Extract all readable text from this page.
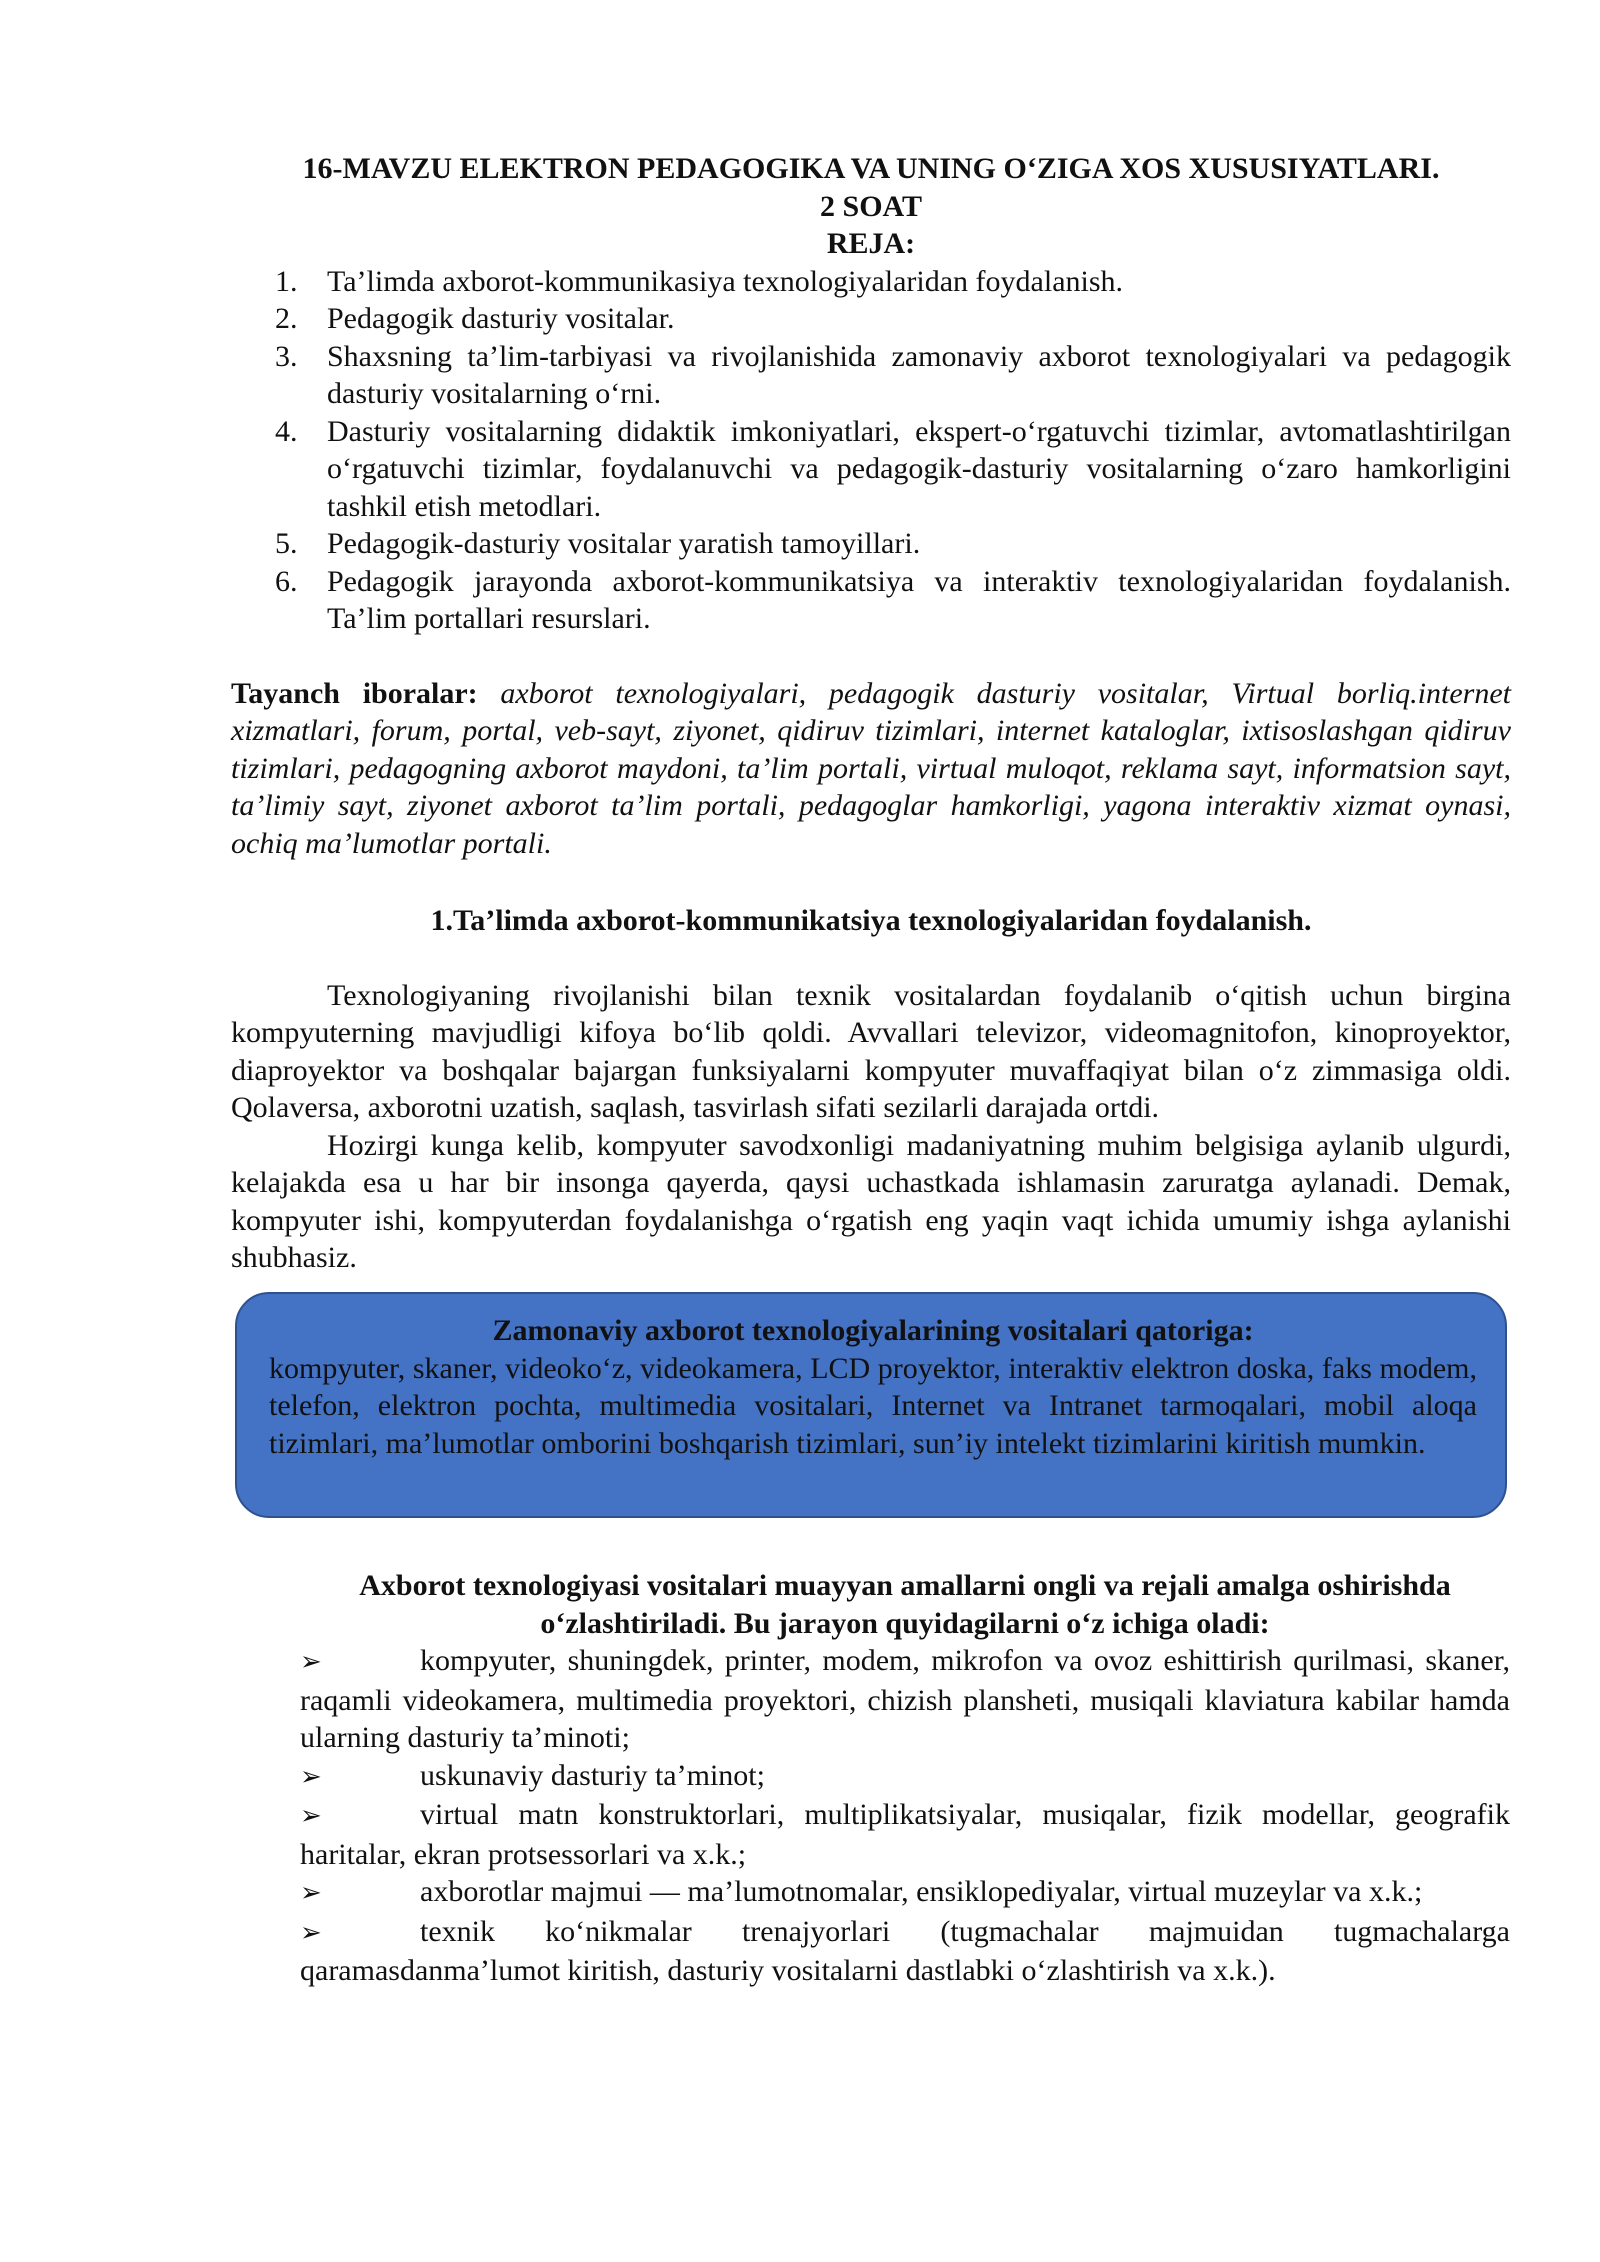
16-MAVZU ELEKTRON PEDAGOGIKA VA UNING O‘ZIGA XOS XUSUSIYATLARI.
2 SOAT
REJA:
1. Ta’limda axborot-kommunikasiya texnologiyalaridan foydalanish.
2. Pedagogik dasturiy vositalar.
3. Shaxsning ta’lim-tarbiyasi va rivojlanishida zamonaviy axborot texnologiyalari va pedagogik dasturiy vositalarning o‘rni.
4. Dasturiy vositalarning didaktik imkoniyatlari, ekspert-o‘rgatuvchi tizimlar, avtomatlashtirilgan o‘rgatuvchi tizimlar, foydalanuvchi va pedagogik-dasturiy vositalarning o‘zaro hamkorligini tashkil etish metodlari.
5. Pedagogik-dasturiy vositalar yaratish tamoyillari.
6. Pedagogik jarayonda axborot-kommunikatsiya va interaktiv texnologiyalaridan foydalanish. Ta’lim portallari resurslari.
Tayanch iboralar: axborot texnologiyalari, pedagogik dasturiy vositalar, Virtual borliq.internet xizmatlari, forum, portal, veb-sayt, ziyonet, qidiruv tizimlari, internet kataloglar, ixtisoslashgan qidiruv tizimlari, pedagogning axborot maydoni, ta’lim portali, virtual muloqot, reklama sayt, informatsion sayt, ta’limiy sayt, ziyonet axborot ta’lim portali, pedagoglar hamkorligi, yagona interaktiv xizmat oynasi, ochiq ma’lumotlar portali.
1.Ta’limda axborot-kommunikatsiya texnologiyalaridan foydalanish.
Texnologiyaning rivojlanishi bilan texnik vositalardan foydalanib o‘qitish uchun birgina kompyuterning mavjudligi kifoya bo‘lib qoldi. Avvallari televizor, videomagnitofon, kinoproyektor, diaproyektor va boshqalar bajargan funksiyalarni kompyuter muvaffaqiyat bilan o‘z zimmasiga oldi. Qolaversa, axborotni uzatish, saqlash, tasvirlash sifati sezilarli darajada ortdi.
Hozirgi kunga kelib, kompyuter savodxonligi madaniyatning muhim belgisiga aylanib ulgurdi, kelajakda esa u har bir insonga qayerda, qaysi uchastkada ishlamasin zaruratga aylanadi. Demak, kompyuter ishi, kompyuterdan foydalanishga o‘rgatish eng yaqin vaqt ichida umumiy ishga aylanishi shubhasiz.
Zamonaviy axborot texnologiyalarining vositalari qatoriga:
kompyuter, skaner, videoko‘z, videokamera, LCD proyektor, interaktiv elektron doska, faks modem, telefon, elektron pochta, multimedia vositalari, Internet va Intranet tarmoqalari, mobil aloqa tizimlari, ma’lumotlar omborini boshqarish tizimlari, sun’iy intelekt tizimlarini kiritish mumkin.
Axborot texnologiyasi vositalari muayyan amallarni ongli va rejali amalga oshirishda o‘zlashtiriladi. Bu jarayon quyidagilarni o‘z ichiga oladi:
➢	kompyuter, shuningdek, printer, modem, mikrofon va ovoz eshittirish qurilmasi, skaner, raqamli videokamera, multimedia proyektori, chizish plansheti, musiqali klaviatura kabilar hamda ularning dasturiy ta’minoti;
➢	uskunaviy dasturiy ta’minot;
➢	virtual matn konstruktorlari, multiplikatsiyalar, musiqalar, fizik modellar, geografik haritalar, ekran protsessorlari va x.k.;
➢	axborotlar majmui — ma’lumotnomalar, ensiklopediyalar, virtual muzeylar va x.k.;
➢	texnik ko‘nikmalar trenajyorlari (tugmachalar majmuidan tugmachalarga qaramasdanma’lumot kiritish, dasturiy vositalarni dastlabki o‘zlashtirish va x.k.).
